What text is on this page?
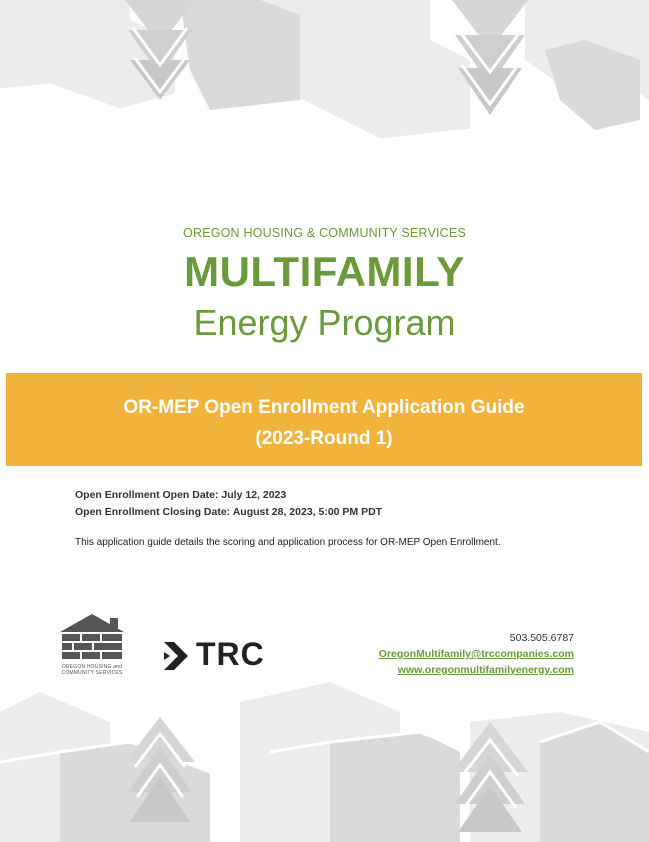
OREGON HOUSING & COMMUNITY SERVICES
MULTIFAMILY
Energy Program
OR-MEP Open Enrollment Application Guide
(2023-Round 1)
Open Enrollment Open Date: July 12, 2023
Open Enrollment Closing Date: August 28, 2023, 5:00 PM PDT
This application guide details the scoring and application process for OR-MEP Open Enrollment.
OREGON HOUSING and COMMUNITY SERVICES
TRC	503.505.6787
OregonMultifamily@trccompanies.com
www.oregonmultifamilyenergy.com
